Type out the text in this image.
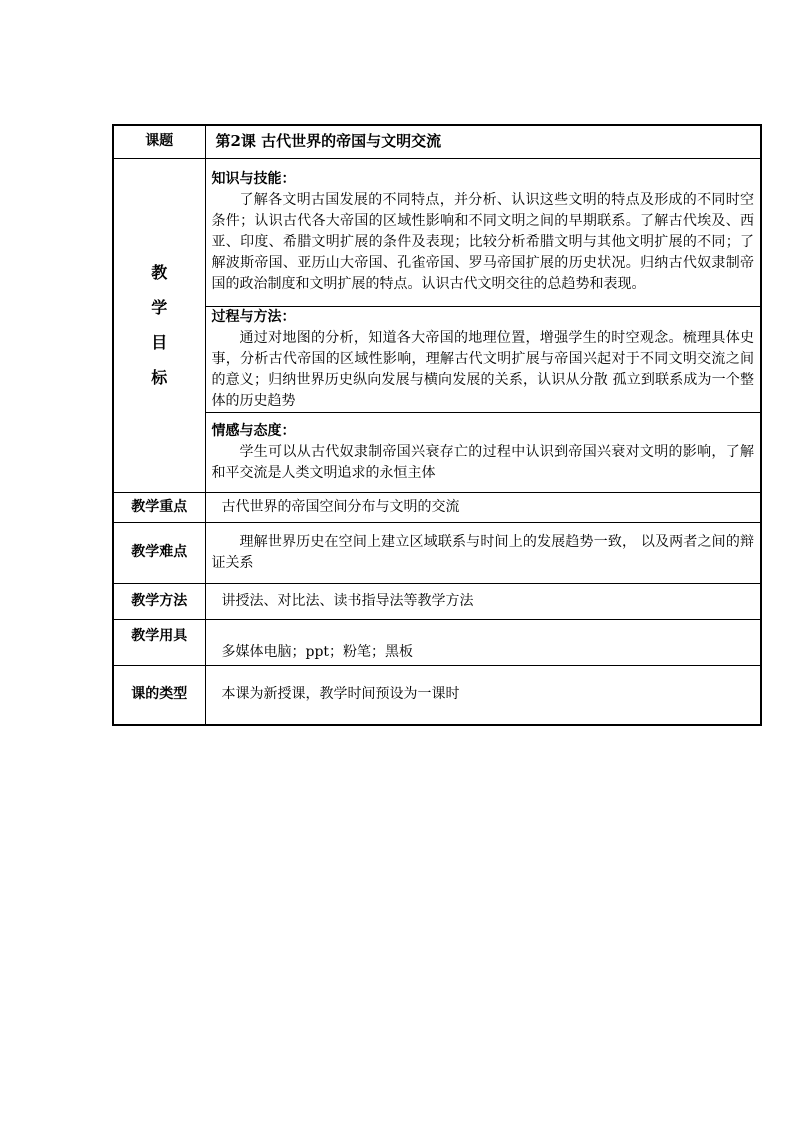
课题	第2课 古代世界的帝国与文明交流

教
学
目
标	知识与技能：
了解各文明古国发展的不同特点，并分析、认识这些文明的特点及形成的不同时空条件；认识古代各大帝国的区域性影响和不同文明之间的早期联系。了解古代埃及、西亚、印度、希腊文明扩展的条件及表现；比较分析希腊文明与其他文明扩展的不同；了解波斯帝国、亚历山大帝国、孔雀帝国、罗马帝国扩展的历史状况。归纳古代奴隶制帝国的政治制度和文明扩展的特点。认识古代文明交往的总趋势和表现。

	过程与方法：
通过对地图的分析，知道各大帝国的地理位置，增强学生的时空观念。梳理具体史事，分析古代帝国的区域性影响，理解古代文明扩展与帝国兴起对于不同文明交流之间的意义；归纳世界历史纵向发展与横向发展的关系，认识从分散 孤立到联系成为一个整体的历史趋势

	情感与态度：
学生可以从古代奴隶制帝国兴衰存亡的过程中认识到帝国兴衰对文明的影响，了解和平交流是人类文明追求的永恒主体

教学重点	古代世界的帝国空间分布与文明的交流
教学难点	理解世界历史在空间上建立区域联系与时间上的发展趋势一致， 以及两者之间的辩证关系

教学方法	讲授法、对比法、读书指导法等教学方法
教学用具	多媒体电脑；ppt；粉笔；黑板
课的类型	本课为新授课，教学时间预设为一课时
